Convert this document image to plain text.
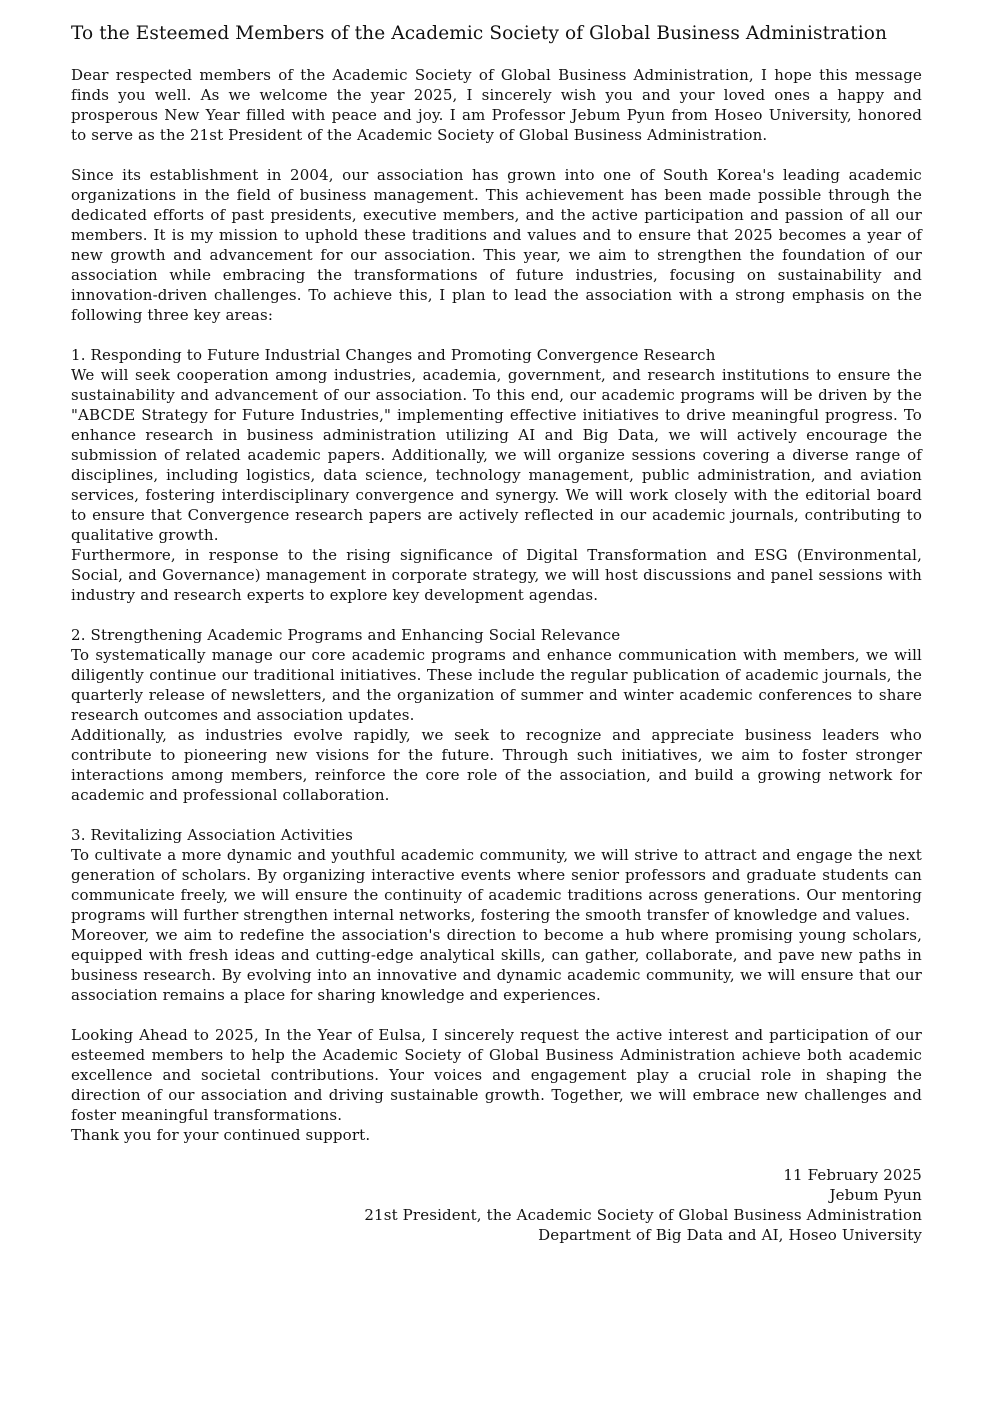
To the Esteemed Members of the Academic Society of Global Business Administration

Dear respected members of the Academic Society of Global Business Administration, I hope this message finds you well. As we welcome the year 2025, I sincerely wish you and your loved ones a happy and prosperous New Year filled with peace and joy. I am Professor Jebum Pyun from Hoseo University, honored to serve as the 21st President of the Academic Society of Global Business Administration.

Since its establishment in 2004, our association has grown into one of South Korea's leading academic organizations in the field of business management. This achievement has been made possible through the dedicated efforts of past presidents, executive members, and the active participation and passion of all our members. It is my mission to uphold these traditions and values and to ensure that 2025 becomes a year of new growth and advancement for our association. This year, we aim to strengthen the foundation of our association while embracing the transformations of future industries, focusing on sustainability and innovation-driven challenges. To achieve this, I plan to lead the association with a strong emphasis on the following three key areas:

1. Responding to Future Industrial Changes and Promoting Convergence Research

We will seek cooperation among industries, academia, government, and research institutions to ensure the sustainability and advancement of our association. To this end, our academic programs will be driven by the "ABCDE Strategy for Future Industries," implementing effective initiatives to drive meaningful progress. To enhance research in business administration utilizing AI and Big Data, we will actively encourage the submission of related academic papers. Additionally, we will organize sessions covering a diverse range of disciplines, including logistics, data science, technology management, public administration, and aviation services, fostering interdisciplinary convergence and synergy. We will work closely with the editorial board to ensure that Convergence research papers are actively reflected in our academic journals, contributing to qualitative growth.

Furthermore, in response to the rising significance of Digital Transformation and ESG (Environmental, Social, and Governance) management in corporate strategy, we will host discussions and panel sessions with industry and research experts to explore key development agendas.

2. Strengthening Academic Programs and Enhancing Social Relevance

To systematically manage our core academic programs and enhance communication with members, we will diligently continue our traditional initiatives. These include the regular publication of academic journals, the quarterly release of newsletters, and the organization of summer and winter academic conferences to share research outcomes and association updates.

Additionally, as industries evolve rapidly, we seek to recognize and appreciate business leaders who contribute to pioneering new visions for the future. Through such initiatives, we aim to foster stronger interactions among members, reinforce the core role of the association, and build a growing network for academic and professional collaboration.

3. Revitalizing Association Activities

To cultivate a more dynamic and youthful academic community, we will strive to attract and engage the next generation of scholars. By organizing interactive events where senior professors and graduate students can communicate freely, we will ensure the continuity of academic traditions across generations. Our mentoring programs will further strengthen internal networks, fostering the smooth transfer of knowledge and values.

Moreover, we aim to redefine the association's direction to become a hub where promising young scholars, equipped with fresh ideas and cutting-edge analytical skills, can gather, collaborate, and pave new paths in business research. By evolving into an innovative and dynamic academic community, we will ensure that our association remains a place for sharing knowledge and experiences.

Looking Ahead to 2025, In the Year of Eulsa, I sincerely request the active interest and participation of our esteemed members to help the Academic Society of Global Business Administration achieve both academic excellence and societal contributions. Your voices and engagement play a crucial role in shaping the direction of our association and driving sustainable growth. Together, we will embrace new challenges and foster meaningful transformations.

Thank you for your continued support.

11 February 2025
Jebum Pyun
21st President, the Academic Society of Global Business Administration
Department of Big Data and AI, Hoseo University
